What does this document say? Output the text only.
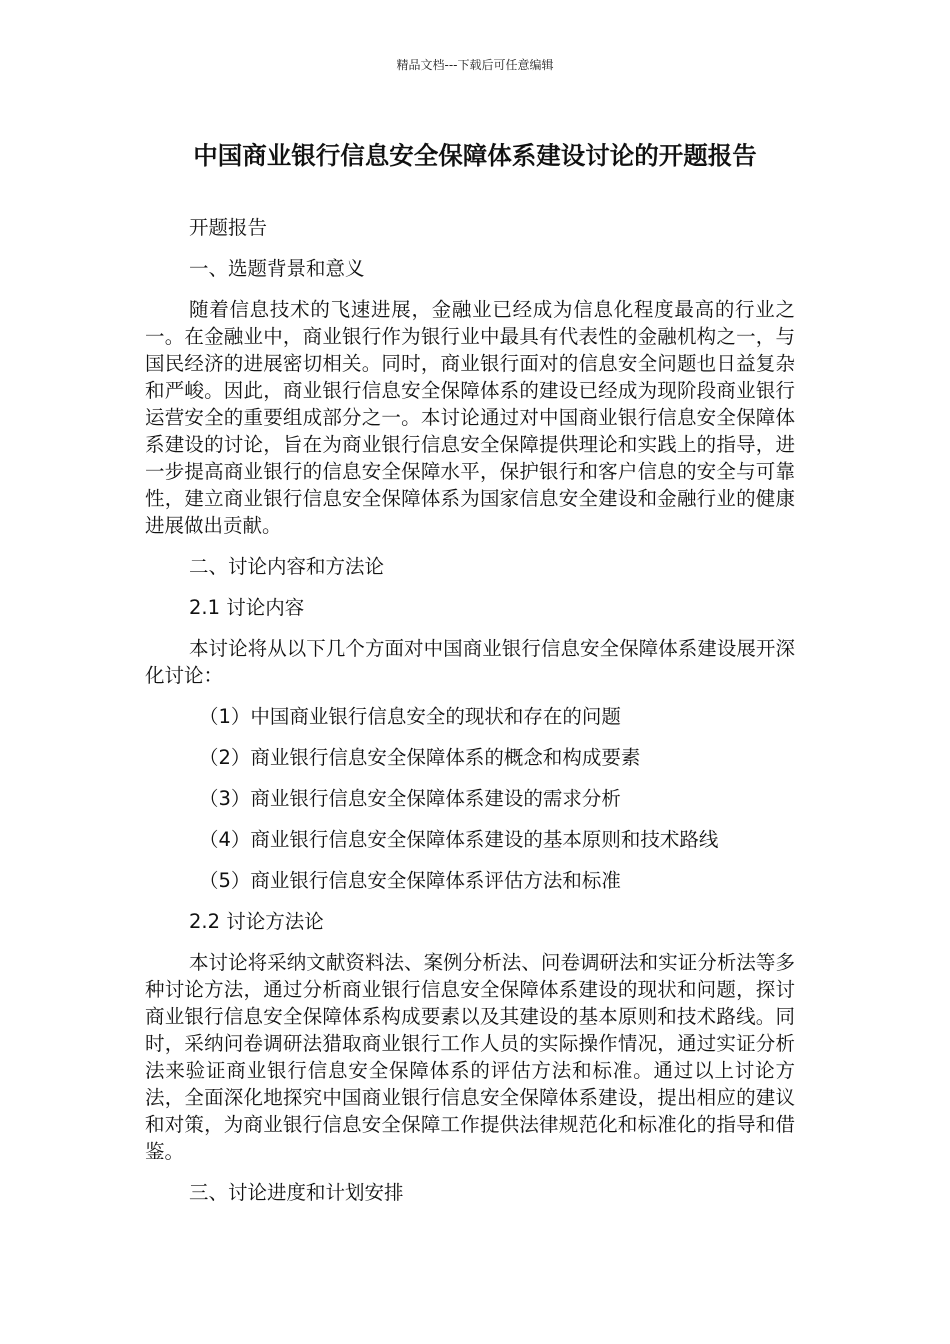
精品文档---下载后可任意编辑
中国商业银行信息安全保障体系建设讨论的开题报告

开题报告

一、选题背景和意义

随着信息技术的飞速进展，金融业已经成为信息化程度最高的行业之一。在金融业中，商业银行作为银行业中最具有代表性的金融机构之一，与国民经济的进展密切相关。同时，商业银行面对的信息安全问题也日益复杂和严峻。因此，商业银行信息安全保障体系的建设已经成为现阶段商业银行运营安全的重要组成部分之一。本讨论通过对中国商业银行信息安全保障体系建设的讨论，旨在为商业银行信息安全保障提供理论和实践上的指导，进一步提高商业银行的信息安全保障水平，保护银行和客户信息的安全与可靠性，建立商业银行信息安全保障体系为国家信息安全建设和金融行业的健康进展做出贡献。

二、讨论内容和方法论

2.1 讨论内容

本讨论将从以下几个方面对中国商业银行信息安全保障体系建设展开深化讨论：

（1）中国商业银行信息安全的现状和存在的问题

（2）商业银行信息安全保障体系的概念和构成要素

（3）商业银行信息安全保障体系建设的需求分析

（4）商业银行信息安全保障体系建设的基本原则和技术路线

（5）商业银行信息安全保障体系评估方法和标准

2.2 讨论方法论

本讨论将采纳文献资料法、案例分析法、问卷调研法和实证分析法等多种讨论方法，通过分析商业银行信息安全保障体系建设的现状和问题，探讨商业银行信息安全保障体系构成要素以及其建设的基本原则和技术路线。同时，采纳问卷调研法猎取商业银行工作人员的实际操作情况，通过实证分析法来验证商业银行信息安全保障体系的评估方法和标准。通过以上讨论方法，全面深化地探究中国商业银行信息安全保障体系建设，提出相应的建议和对策，为商业银行信息安全保障工作提供法律规范化和标准化的指导和借鉴。

三、讨论进度和计划安排
